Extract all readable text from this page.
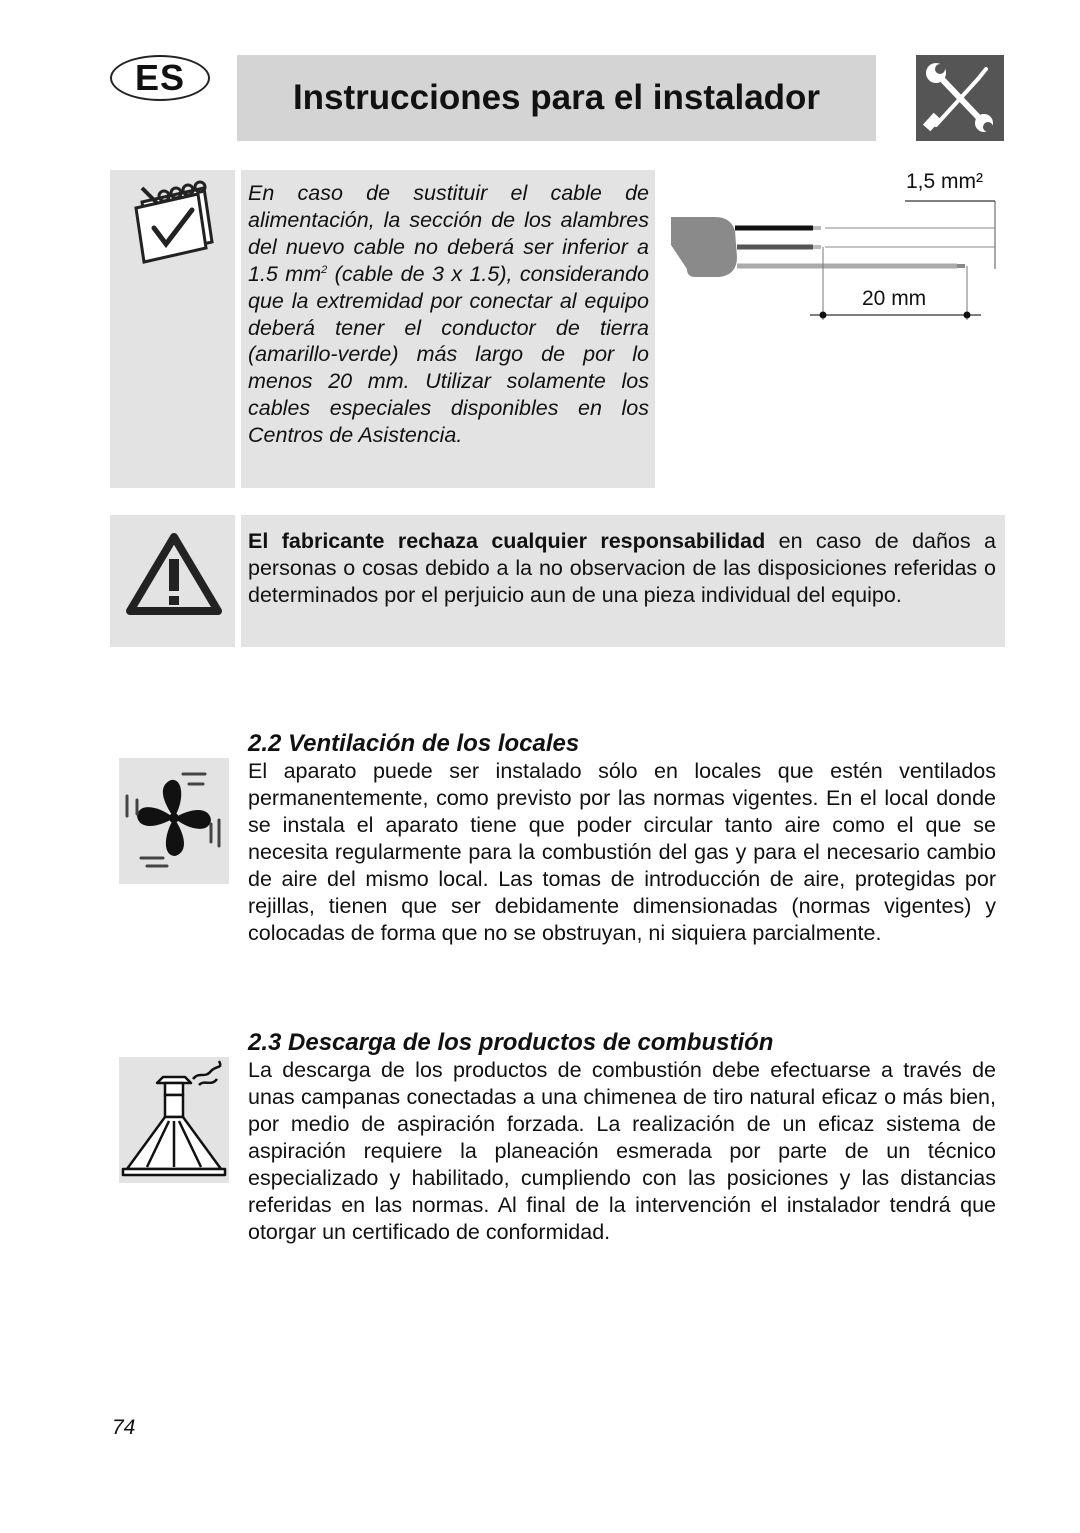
ES	Instrucciones para el instalador
En caso de sustituir el cable de alimentación, la sección de los alambres del nuevo cable no deberá ser inferior a 1.5 $mm^2$ (cable de 3 x 1.5), considerando que la extremidad por conectar al equipo deberá tener el conductor de tierra (amarillo-verde) más largo de por lo menos 20 mm. Utilizar solamente los cables especiales disponibles en los Centros de Asistencia.
1,5 mm²
20 mm
El fabricante rechaza cualquier responsabilidad en caso de daños a personas o cosas debido a la no observacion de las disposiciones referidas o determinados por el perjuicio aun de una pieza individual del equipo.
2.2 Ventilación de los locales
El aparato puede ser instalado sólo en locales que estén ventilados permanentemente, como previsto por las normas vigentes. En el local donde se instala el aparato tiene que poder circular tanto aire como el que se necesita regularmente para la combustión del gas y para el necesario cambio de aire del mismo local. Las tomas de introducción de aire, protegidas por rejillas, tienen que ser debidamente dimensionadas (normas vigentes) y colocadas de forma que no se obstruyan, ni siquiera parcialmente.
2.3 Descarga de los productos de combustión
La descarga de los productos de combustión debe efectuarse a través de unas campanas conectadas a una chimenea de tiro natural eficaz o más bien, por medio de aspiración forzada. La realización de un eficaz sistema de aspiración requiere la planeación esmerada por parte de un técnico especializado y habilitado, cumpliendo con las posiciones y las distancias referidas en las normas. Al final de la intervención el instalador tendrá que otorgar un certificado de conformidad.
74
